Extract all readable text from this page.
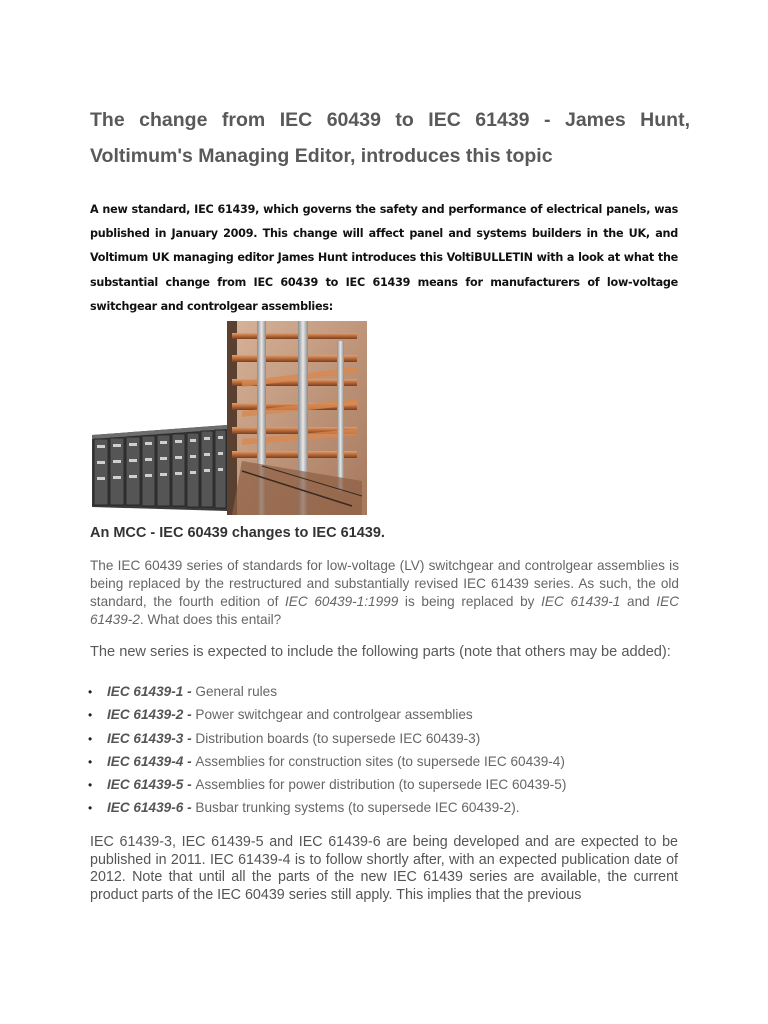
The change from IEC 60439 to IEC 61439 - James Hunt, Voltimum's Managing Editor, introduces this topic

A new standard, IEC 61439, which governs the safety and performance of electrical panels, was published in January 2009. This change will affect panel and systems builders in the UK, and Voltimum UK managing editor James Hunt introduces this VoltiBULLETIN with a look at what the substantial change from IEC 60439 to IEC 61439 means for manufacturers of low-voltage switchgear and controlgear assemblies:

An MCC - IEC 60439 changes to IEC 61439.

The IEC 60439 series of standards for low-voltage (LV) switchgear and controlgear assemblies is being replaced by the restructured and substantially revised IEC 61439 series. As such, the old standard, the fourth edition of IEC 60439-1:1999 is being replaced by IEC 61439-1 and IEC 61439-2. What does this entail?

The new series is expected to include the following parts (note that others may be added):

• IEC 61439-1 - General rules
• IEC 61439-2 - Power switchgear and controlgear assemblies
• IEC 61439-3 - Distribution boards (to supersede IEC 60439-3)
• IEC 61439-4 - Assemblies for construction sites (to supersede IEC 60439-4)
• IEC 61439-5 - Assemblies for power distribution (to supersede IEC 60439-5)
• IEC 61439-6 - Busbar trunking systems (to supersede IEC 60439-2).

IEC 61439-3, IEC 61439-5 and IEC 61439-6 are being developed and are expected to be published in 2011. IEC 61439-4 is to follow shortly after, with an expected publication date of 2012. Note that until all the parts of the new IEC 61439 series are available, the current product parts of the IEC 60439 series still apply. This implies that the previous
